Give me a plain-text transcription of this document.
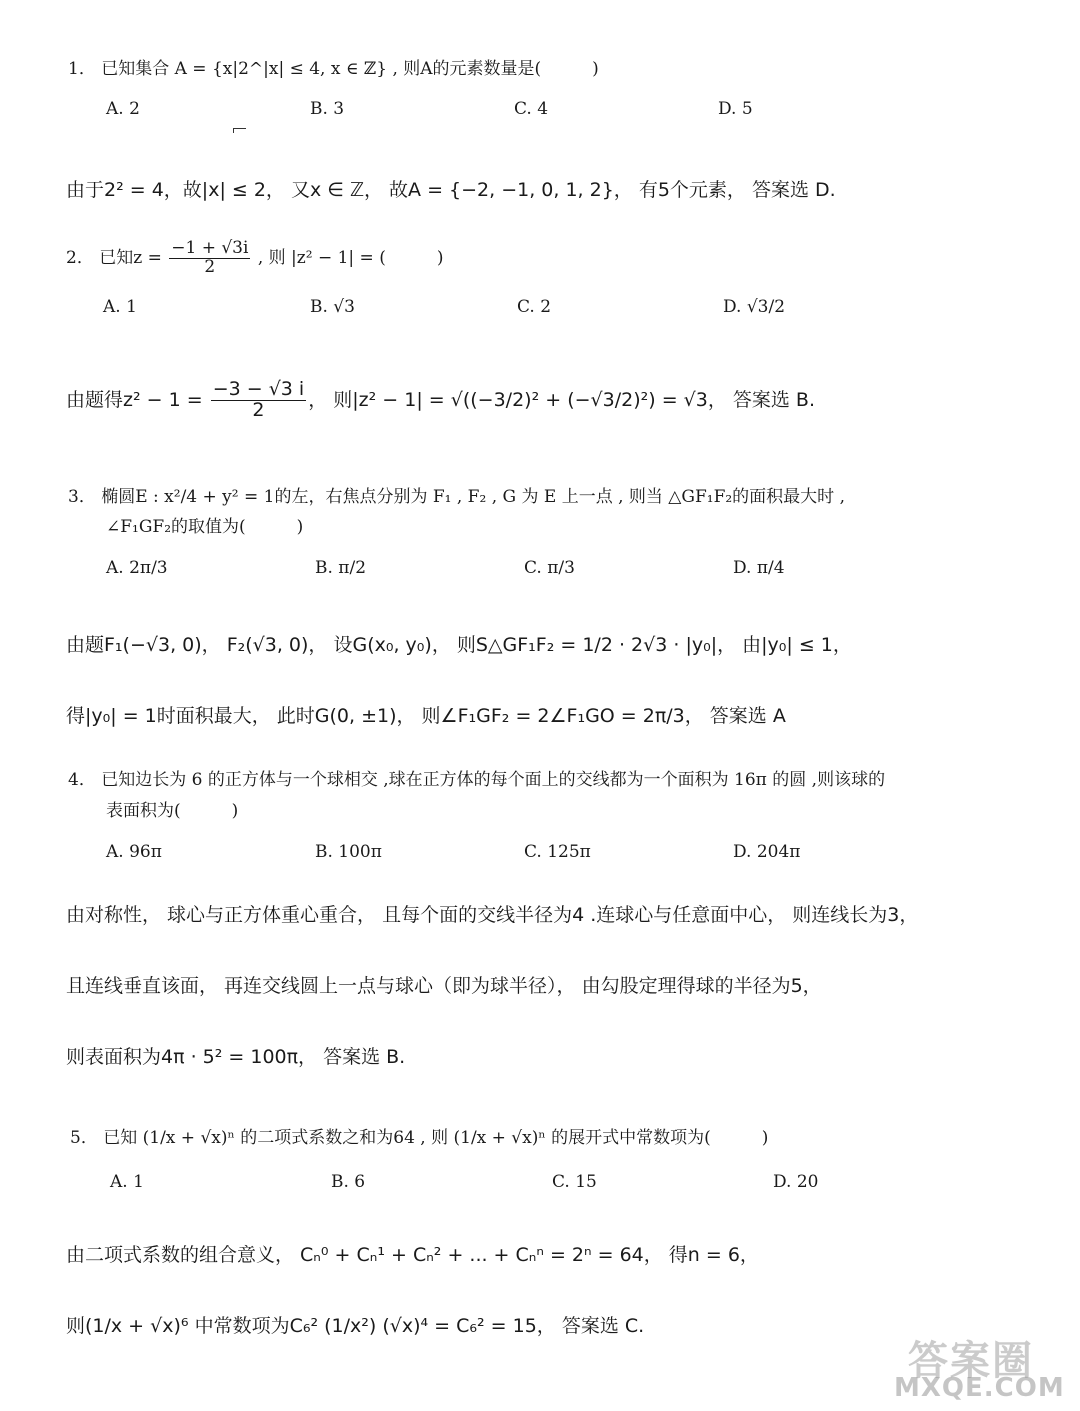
1． 已知集合 A = {x|2^|x| ≤ 4, x ∈ ℤ} , 则A的元素数量是(　　　)
A. 2	B. 3	C. 4	D. 5
由于2² = 4，故|x| ≤ 2， 又x ∈ ℤ， 故A = {−2, −1, 0, 1, 2}， 有5个元素， 答案选 D.
2． 已知$z = \frac{-1 + √3i}{2}$ , 则 |z² − 1| = (　　　)
A. 1	B. √3	C. 2	D. √3/2
由题得$z^2 - 1 = \frac{-3 - √3 i}{2}$ ， 则|z² − 1| = √((−3/2)² + (−√3/2)²) = √3， 答案选 B.
3． 椭圆E : x²/4 + y² = 1的左，右焦点分别为 F₁ , F₂ , G 为 E 上一点 , 则当 △GF₁F₂的面积最大时 ,
∠F₁GF₂的取值为(　　　)
A. 2π/3	B. π/2	C. π/3	D. π/4
由题F₁(−√3, 0)， F₂(√3, 0)， 设G(x₀, y₀)， 则S△GF₁F₂ = 1/2 · 2√3 · |y₀|， 由|y₀| ≤ 1，
得|y₀| = 1时面积最大， 此时G(0, ±1)， 则∠F₁GF₂ = 2∠F₁GO = 2π/3， 答案选 A
4． 已知边长为 6 的正方体与一个球相交 ,球在正方体的每个面上的交线都为一个面积为 16π 的圆 ,则该球的
表面积为(　　　)
A. 96π	B. 100π	C. 125π	D. 204π
由对称性， 球心与正方体重心重合， 且每个面的交线半径为4 .连球心与任意面中心， 则连线长为3，
且连线垂直该面， 再连交线圆上一点与球心（即为球半径）， 由勾股定理得球的半径为5，
则表面积为4π · 5² = 100π， 答案选 B.
5． 已知 (1/x + √x)ⁿ 的二项式系数之和为64 , 则 (1/x + √x)ⁿ 的展开式中常数项为(　　　)
A. 1	B. 6	C. 15	D. 20
由二项式系数的组合意义， Cₙ⁰ + Cₙ¹ + Cₙ² + ... + Cₙⁿ = 2ⁿ = 64， 得n = 6，
则(1/x + √x)⁶ 中常数项为C₆² (1/x²) (√x)⁴ = C₆² = 15， 答案选 C.
答案圈
MXQE.COM
